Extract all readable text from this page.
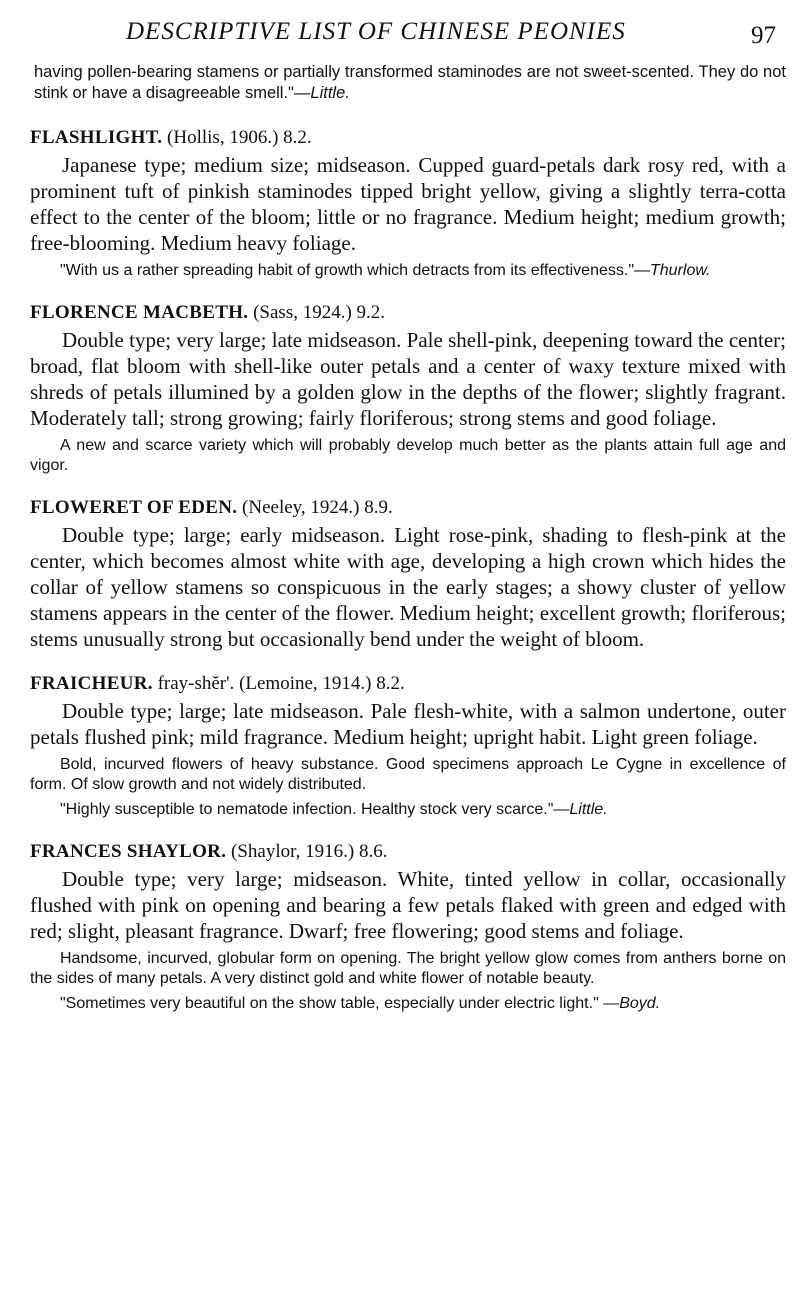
DESCRIPTIVE LIST OF CHINESE PEONIES	97

having pollen-bearing stamens or partially transformed staminodes are not sweet-scented. They do not stink or have a disagreeable smell."—Little.

FLASHLIGHT. (Hollis, 1906.) 8.2.

Japanese type; medium size; midseason. Cupped guard-petals dark rosy red, with a prominent tuft of pinkish staminodes tipped bright yellow, giving a slightly terra-cotta effect to the center of the bloom; little or no fragrance. Medium height; medium growth; free-blooming. Medium heavy foliage.

"With us a rather spreading habit of growth which detracts from its effectiveness."—Thurlow.

FLORENCE MACBETH. (Sass, 1924.) 9.2.

Double type; very large; late midseason. Pale shell-pink, deepening toward the center; broad, flat bloom with shell-like outer petals and a center of waxy texture mixed with shreds of petals illumined by a golden glow in the depths of the flower; slightly fragrant. Moderately tall; strong growing; fairly floriferous; strong stems and good foliage.

A new and scarce variety which will probably develop much better as the plants attain full age and vigor.

FLOWERET OF EDEN. (Neeley, 1924.) 8.9.

Double type; large; early midseason. Light rose-pink, shading to flesh-pink at the center, which becomes almost white with age, developing a high crown which hides the collar of yellow stamens so conspicuous in the early stages; a showy cluster of yellow stamens appears in the center of the flower. Medium height; excellent growth; floriferous; stems unusually strong but occasionally bend under the weight of bloom.

FRAICHEUR. fray-shĕr'. (Lemoine, 1914.) 8.2.

Double type; large; late midseason. Pale flesh-white, with a salmon undertone, outer petals flushed pink; mild fragrance. Medium height; upright habit. Light green foliage.

Bold, incurved flowers of heavy substance. Good specimens approach Le Cygne in excellence of form. Of slow growth and not widely distributed.

"Highly susceptible to nematode infection. Healthy stock very scarce."—Little.

FRANCES SHAYLOR. (Shaylor, 1916.) 8.6.

Double type; very large; midseason. White, tinted yellow in collar, occasionally flushed with pink on opening and bearing a few petals flaked with green and edged with red; slight, pleasant fragrance. Dwarf; free flowering; good stems and foliage.

Handsome, incurved, globular form on opening. The bright yellow glow comes from anthers borne on the sides of many petals. A very distinct gold and white flower of notable beauty.

"Sometimes very beautiful on the show table, especially under electric light." —Boyd.
